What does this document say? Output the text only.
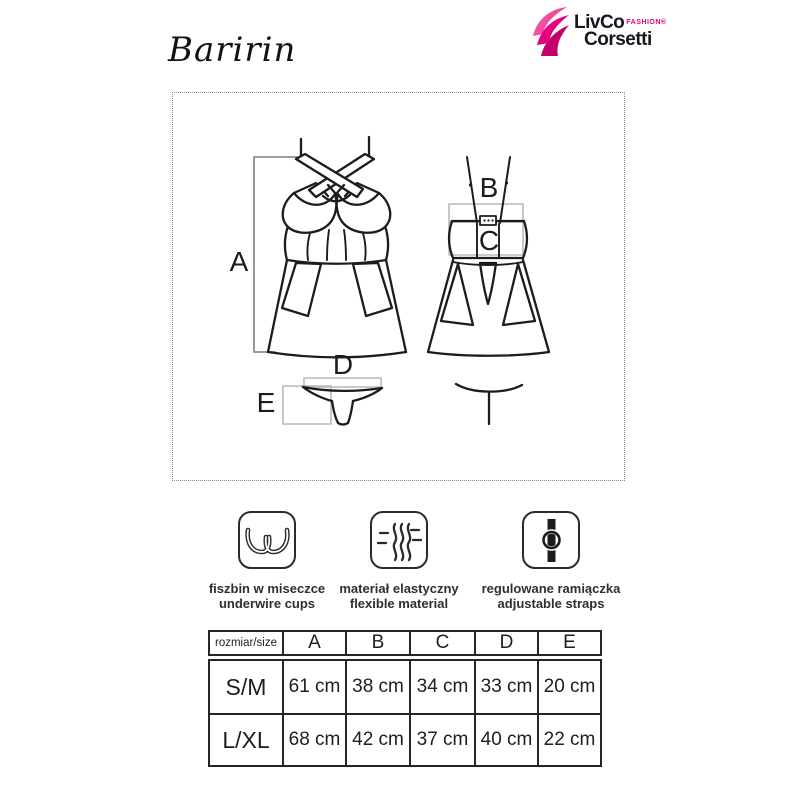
Baririn
LivCo FASHION®
Corsetti
A
B
C
D
E
fiszbin w miseczce
underwire cups
materiał elastyczny
flexible material
regulowane ramiączka
adjustable straps
rozmiar/size	A	B	C	D	E
S/M	61 cm 38 cm 34 cm 33 cm 20 cm
L/XL 68 cm 42 cm 37 cm 40 cm 22 cm
